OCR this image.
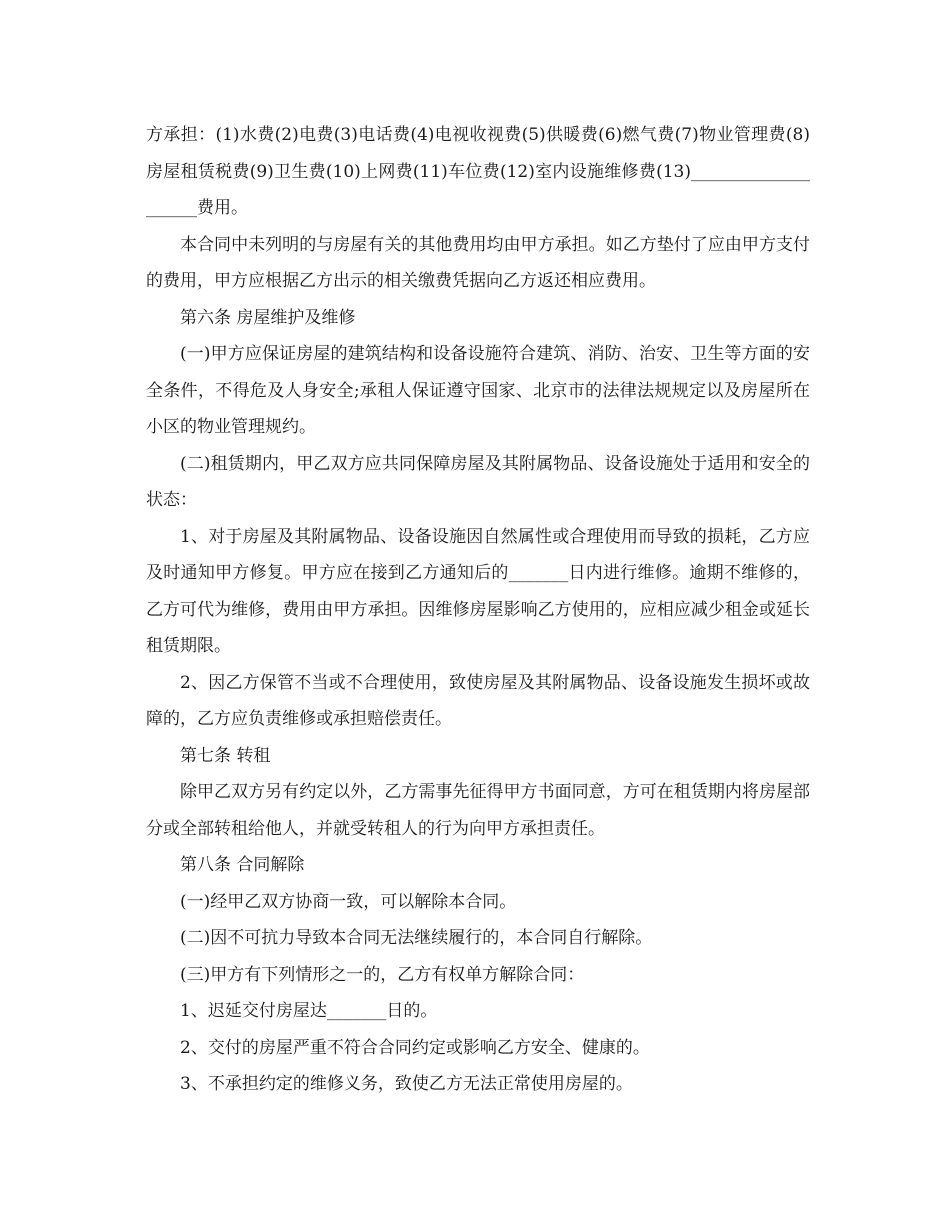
方承担：(1)水费(2)电费(3)电话费(4)电视收视费(5)供暖费(6)燃气费(7)物业管理费(8)房屋租赁税费(9)卫生费(10)上网费(11)车位费(12)室内设施维修费(13)____________________费用。

本合同中未列明的与房屋有关的其他费用均由甲方承担。如乙方垫付了应由甲方支付的费用，甲方应根据乙方出示的相关缴费凭据向乙方返还相应费用。

第六条 房屋维护及维修

(一)甲方应保证房屋的建筑结构和设备设施符合建筑、消防、治安、卫生等方面的安全条件，不得危及人身安全;承租人保证遵守国家、北京市的法律法规规定以及房屋所在小区的物业管理规约。

(二)租赁期内，甲乙双方应共同保障房屋及其附属物品、设备设施处于适用和安全的状态：

1、对于房屋及其附属物品、设备设施因自然属性或合理使用而导致的损耗，乙方应及时通知甲方修复。甲方应在接到乙方通知后的_______日内进行维修。逾期不维修的，乙方可代为维修，费用由甲方承担。因维修房屋影响乙方使用的，应相应减少租金或延长租赁期限。

2、因乙方保管不当或不合理使用，致使房屋及其附属物品、设备设施发生损坏或故障的，乙方应负责维修或承担赔偿责任。

第七条 转租

除甲乙双方另有约定以外，乙方需事先征得甲方书面同意，方可在租赁期内将房屋部分或全部转租给他人，并就受转租人的行为向甲方承担责任。

第八条 合同解除

(一)经甲乙双方协商一致，可以解除本合同。

(二)因不可抗力导致本合同无法继续履行的，本合同自行解除。

(三)甲方有下列情形之一的，乙方有权单方解除合同：

1、迟延交付房屋达_______日的。

2、交付的房屋严重不符合合同约定或影响乙方安全、健康的。

3、不承担约定的维修义务，致使乙方无法正常使用房屋的。
